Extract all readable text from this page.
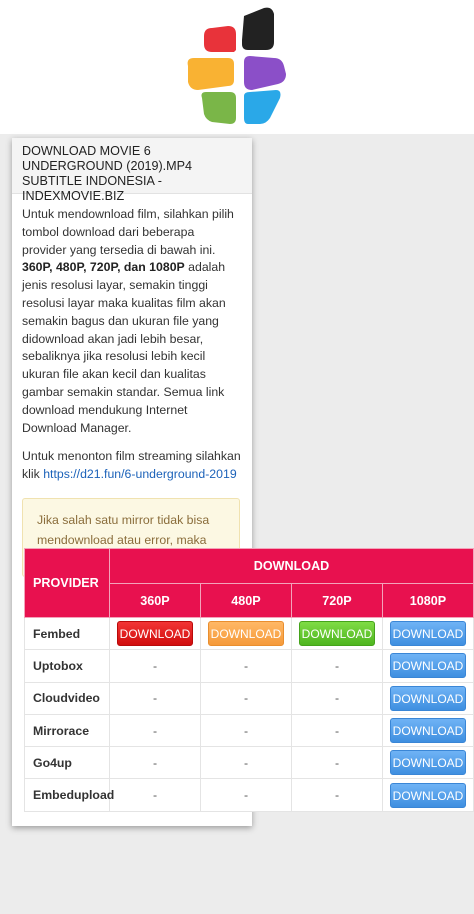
DOWNLOAD MOVIE 6 UNDERGROUND (2019).MP4 SUBTITLE INDONESIA - INDEXMOVIE.BIZ

Untuk mendownload film, silahkan pilih tombol download dari beberapa provider yang tersedia di bawah ini. 360P, 480P, 720P, dan 1080P adalah jenis resolusi layar, semakin tinggi resolusi layar maka kualitas film akan semakin bagus dan ukuran file yang didownload akan jadi lebih besar, sebaliknya jika resolusi lebih kecil ukuran file akan kecil dan kualitas gambar semakin standar. Semua link download mendukung Internet Download Manager.

Untuk menonton film streaming silahkan klik https://d21.fun/6-underground-2019

Jika salah satu mirror tidak bisa mendownload atau error, maka
PROVIDER	DOWNLOAD			
	360P	480P	720P	1080P
Fembed	DOWNLOAD	DOWNLOAD	DOWNLOAD	DOWNLOAD
Uptobox	-	-	-	DOWNLOAD
Cloudvideo	-	-	-	DOWNLOAD
Mirrorace	-	-	-	DOWNLOAD
Go4up	-	-	-	DOWNLOAD
Embedupload	-	-	-	DOWNLOAD
